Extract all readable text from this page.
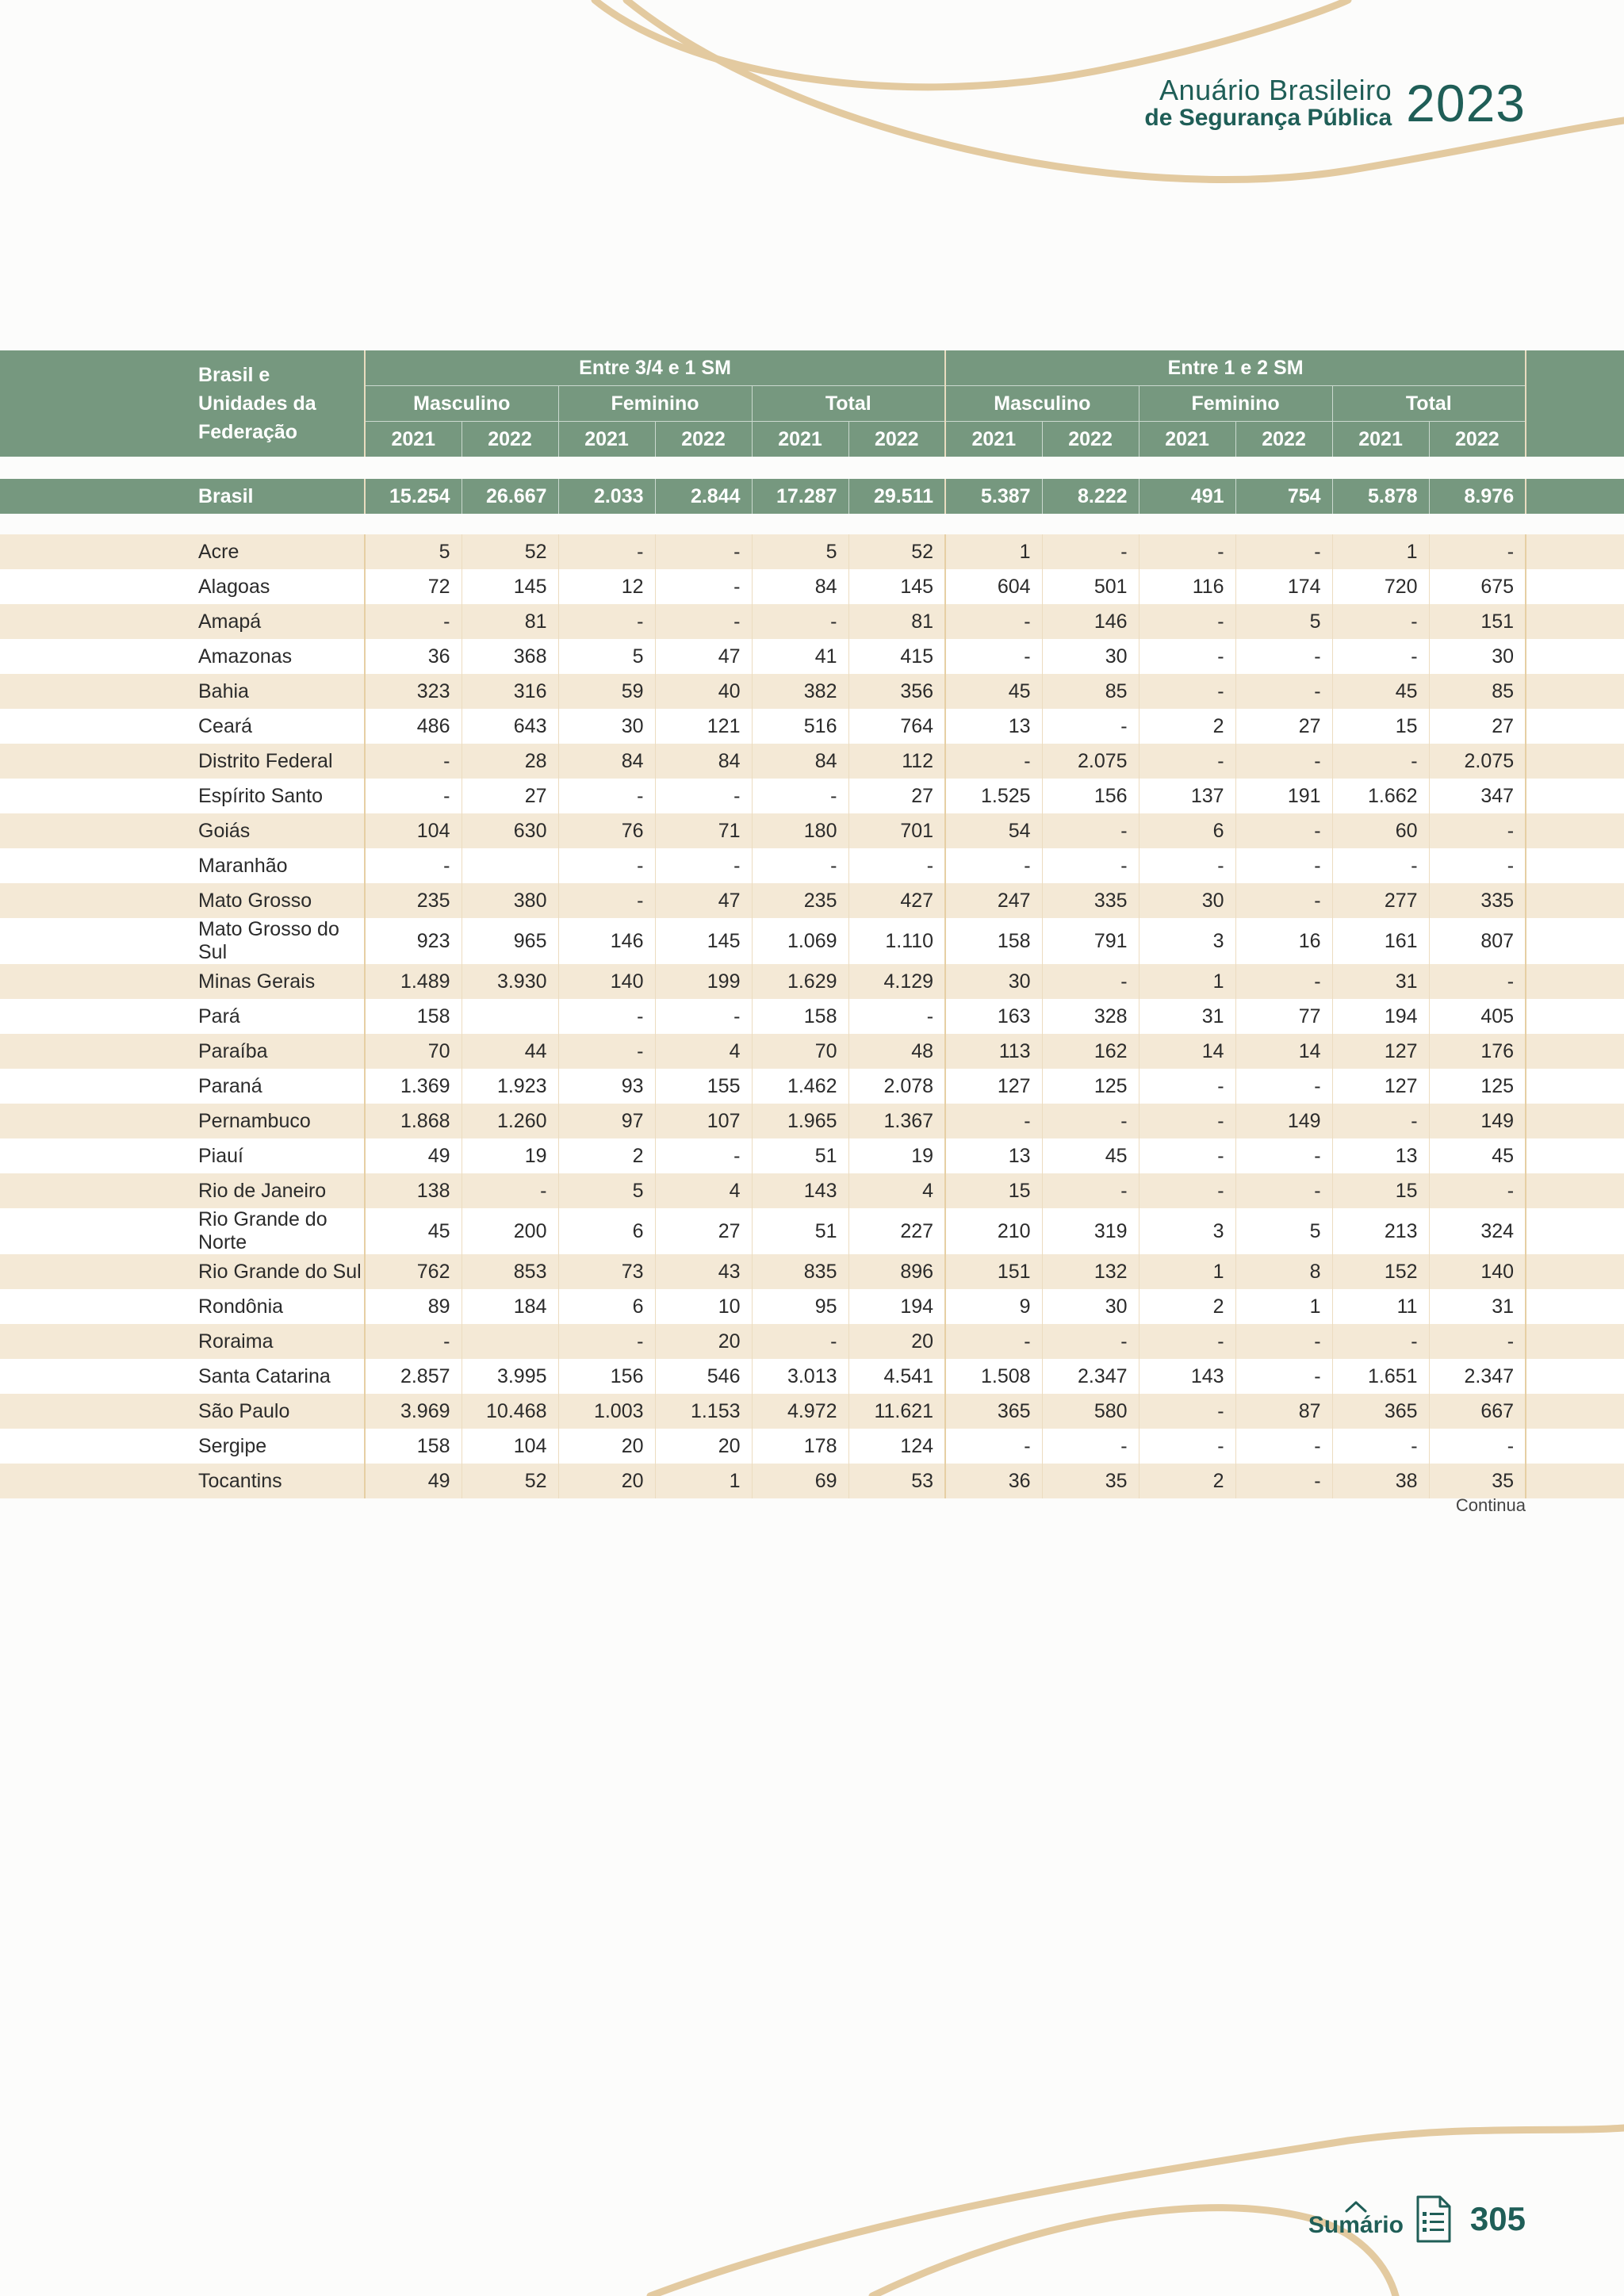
Anuário Brasileiro
de Segurança Pública 2023
	Brasil e Unidades da Federação	Entre 3/4 e 1 SM						Entre 1 e 2 SM						
		Masculino		Feminino		Total		Masculino		Feminino		Total		
		2021	2022	2021	2022	2021	2022	2021	2022	2021	2022	2021	2022	

	Brasil	15.254	26.667	2.033	2.844	17.287	29.511	5.387	8.222	491	754	5.878	8.976	

	Acre	5	52	-	-	5	52	1	-	-	-	1	-	
	Alagoas	72	145	12	-	84	145	604	501	116	174	720	675	
	Amapá	-	81	-	-	-	81	-	146	-	5	-	151	
	Amazonas	36	368	5	47	41	415	-	30	-	-	-	30	
	Bahia	323	316	59	40	382	356	45	85	-	-	45	85	
	Ceará	486	643	30	121	516	764	13	-	2	27	15	27	
	Distrito Federal	-	28	84	84	84	112	-	2.075	-	-	-	2.075	
	Espírito Santo	-	27	-	-	-	27	1.525	156	137	191	1.662	347	
	Goiás	104	630	76	71	180	701	54	-	6	-	60	-	
	Maranhão	-		-	-	-	-	-	-	-	-	-	-	
	Mato Grosso	235	380	-	47	235	427	247	335	30	-	277	335	
	Mato Grosso do Sul	923	965	146	145	1.069	1.110	158	791	3	16	161	807	
	Minas Gerais	1.489	3.930	140	199	1.629	4.129	30	-	1	-	31	-	
	Pará	158		-	-	158	-	163	328	31	77	194	405	
	Paraíba	70	44	-	4	70	48	113	162	14	14	127	176	
	Paraná	1.369	1.923	93	155	1.462	2.078	127	125	-	-	127	125	
	Pernambuco	1.868	1.260	97	107	1.965	1.367	-	-	-	149	-	149	
	Piauí	49	19	2	-	51	19	13	45	-	-	13	45	
	Rio de Janeiro	138	-	5	4	143	4	15	-	-	-	15	-	
	Rio Grande do Norte	45	200	6	27	51	227	210	319	3	5	213	324	
	Rio Grande do Sul	762	853	73	43	835	896	151	132	1	8	152	140	
	Rondônia	89	184	6	10	95	194	9	30	2	1	11	31	
	Roraima	-		-	20	-	20	-	-	-	-	-	-	
	Santa Catarina	2.857	3.995	156	546	3.013	4.541	1.508	2.347	143	-	1.651	2.347	
	São Paulo	3.969	10.468	1.003	1.153	4.972	11.621	365	580	-	87	365	667	
	Sergipe	158	104	20	20	178	124	-	-	-	-	-	-	
	Tocantins	49	52	20	1	69	53	36	35	2	-	38	35	
Continua
Sumário 305
